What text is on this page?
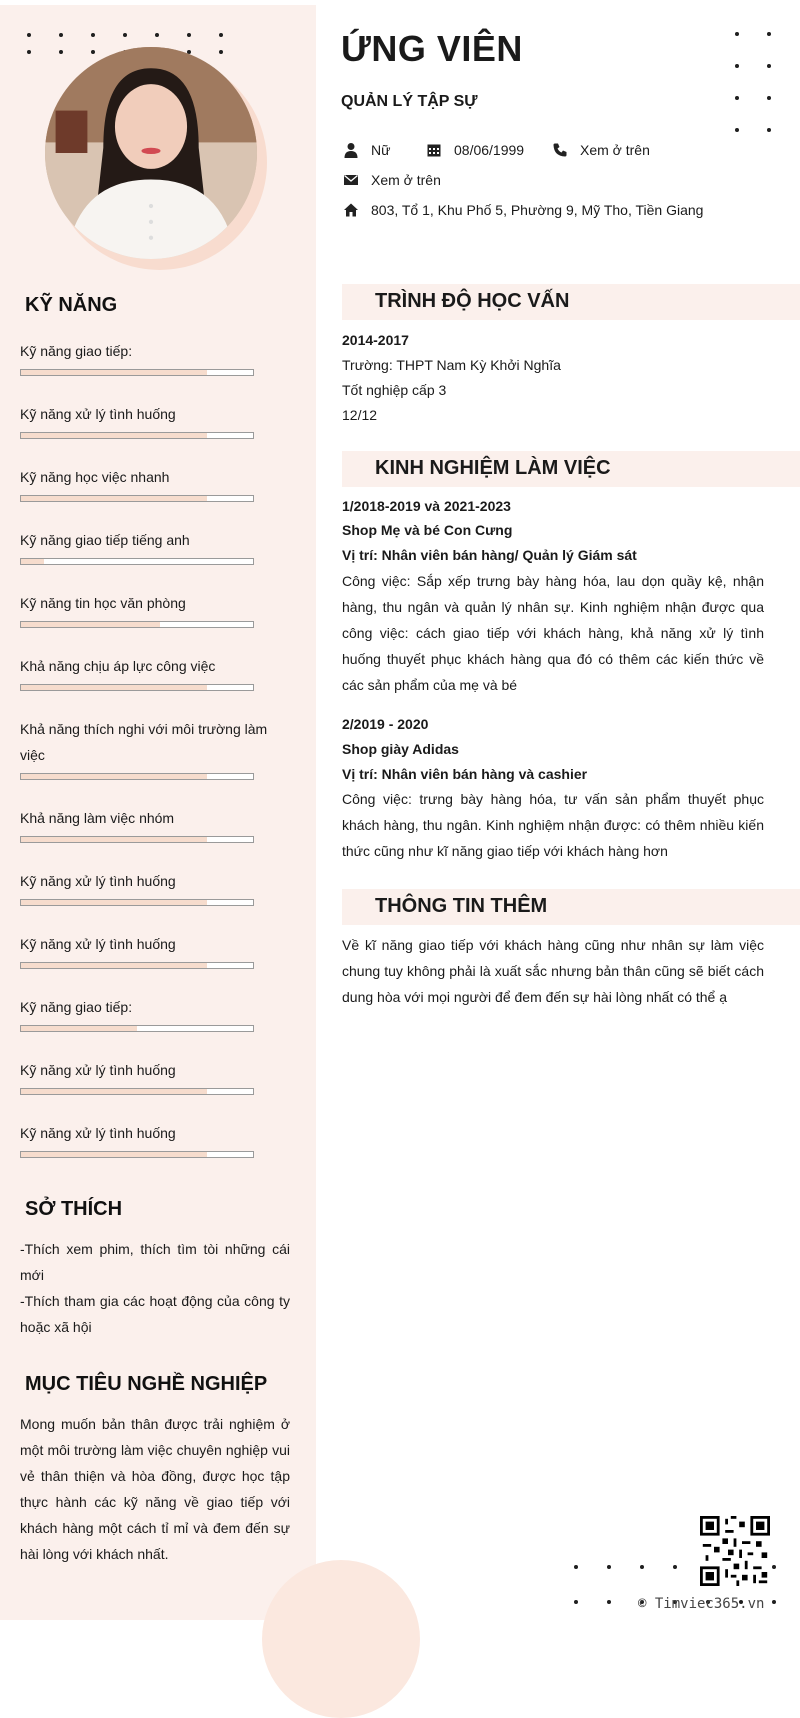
KỸ NĂNG
Kỹ năng giao tiếp:
Kỹ năng xử lý tình huống
Kỹ năng học việc nhanh
Kỹ năng giao tiếp tiếng anh
Kỹ năng tin học văn phòng
Khả năng chịu áp lực công việc
Khả năng thích nghi với môi trường làm việc
Khả năng làm việc nhóm
Kỹ năng xử lý tình huống
Kỹ năng xử lý tình huống
Kỹ năng giao tiếp:
Kỹ năng xử lý tình huống
Kỹ năng xử lý tình huống
SỞ THÍCH
-Thích xem phim, thích tìm tòi những cái mới
-Thích tham gia các hoạt động của công ty hoặc xã hội
MỤC TIÊU NGHỀ NGHIỆP
Mong muốn bản thân được trải nghiệm ở một môi trường làm việc chuyên nghiệp vui vẻ thân thiện và hòa đồng, được học tập thực hành các kỹ năng về giao tiếp với khách hàng một cách tỉ mỉ và đem đến sự hài lòng với khách nhất.
ỨNG VIÊN
QUẢN LÝ TẬP SỰ
Nữ	08/06/1999	Xem ở trên
Xem ở trên
803, Tổ 1, Khu Phố 5, Phường 9, Mỹ Tho, Tiền Giang
TRÌNH ĐỘ HỌC VẤN
2014-2017
Trường: THPT Nam Kỳ Khởi Nghĩa
Tốt nghiệp cấp 3
12/12
KINH NGHIỆM LÀM VIỆC
1/2018-2019 và 2021-2023
Shop Mẹ và bé Con Cưng
Vị trí: Nhân viên bán hàng/ Quản lý Giám sát
Công việc: Sắp xếp trưng bày hàng hóa, lau dọn quầy kệ, nhận hàng, thu ngân và quản lý nhân sự. Kinh nghiệm nhận được qua công việc: cách giao tiếp với khách hàng, khả năng xử lý tình huống thuyết phục khách hàng qua đó có thêm các kiến thức về các sản phẩm của mẹ và bé
2/2019 - 2020
Shop giày Adidas
Vị trí: Nhân viên bán hàng và cashier
Công việc: trưng bày hàng hóa, tư vấn sản phẩm thuyết phục khách hàng, thu ngân. Kinh nghiệm nhận được: có thêm nhiều kiến thức cũng như kĩ năng giao tiếp với khách hàng hơn
THÔNG TIN THÊM
Về kĩ năng giao tiếp với khách hàng cũng như nhân sự làm việc chung tuy không phải là xuất sắc nhưng bản thân cũng sẽ biết cách dung hòa với mọi người để đem đến sự hài lòng nhất có thể ạ
© Timviec365.vn
